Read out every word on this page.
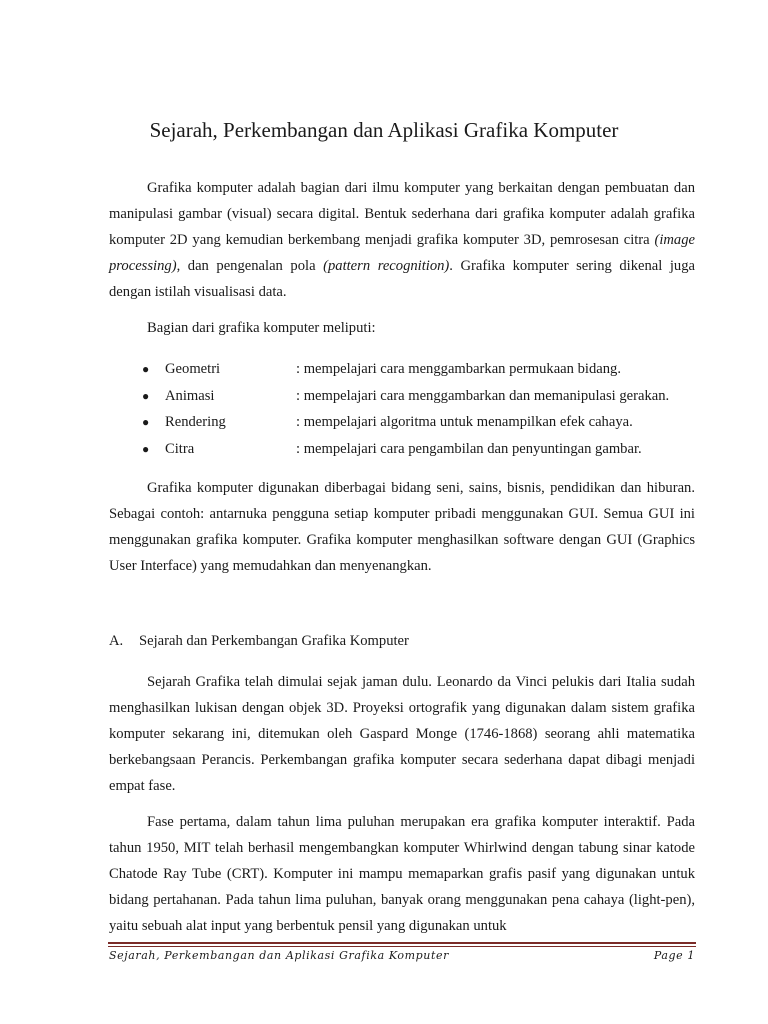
Sejarah, Perkembangan dan Aplikasi Grafika Komputer

Grafika komputer adalah bagian dari ilmu komputer yang berkaitan dengan pembuatan dan manipulasi gambar (visual) secara digital. Bentuk sederhana dari grafika komputer adalah grafika komputer 2D yang kemudian berkembang menjadi grafika komputer 3D, pemrosesan citra (image processing), dan pengenalan pola (pattern recognition). Grafika komputer sering dikenal juga dengan istilah visualisasi data.

Bagian dari grafika komputer meliputi:

● Geometri	: mempelajari cara menggambarkan permukaan bidang.
● Animasi	: mempelajari cara menggambarkan dan memanipulasi gerakan.
● Rendering	: mempelajari algoritma untuk menampilkan efek cahaya.
● Citra	: mempelajari cara pengambilan dan penyuntingan gambar.

Grafika komputer digunakan diberbagai bidang seni, sains, bisnis, pendidikan dan hiburan. Sebagai contoh: antarnuka pengguna setiap komputer pribadi menggunakan GUI. Semua GUI ini menggunakan grafika komputer. Grafika komputer menghasilkan software dengan GUI (Graphics User Interface) yang memudahkan dan menyenangkan.

A. Sejarah dan Perkembangan Grafika Komputer

Sejarah Grafika telah dimulai sejak jaman dulu. Leonardo da Vinci pelukis dari Italia sudah menghasilkan lukisan dengan objek 3D. Proyeksi ortografik yang digunakan dalam sistem grafika komputer sekarang ini, ditemukan oleh Gaspard Monge (1746-1868) seorang ahli matematika berkebangsaan Perancis. Perkembangan grafika komputer secara sederhana dapat dibagi menjadi empat fase.

Fase pertama, dalam tahun lima puluhan merupakan era grafika komputer interaktif. Pada tahun 1950, MIT telah berhasil mengembangkan komputer Whirlwind dengan tabung sinar katode Chatode Ray Tube (CRT). Komputer ini mampu memaparkan grafis pasif yang digunakan untuk bidang pertahanan. Pada tahun lima puluhan, banyak orang menggunakan pena cahaya (light-pen), yaitu sebuah alat input yang berbentuk pensil yang digunakan untuk

Sejarah, Perkembangan dan Aplikasi Grafika Komputer	Page 1
